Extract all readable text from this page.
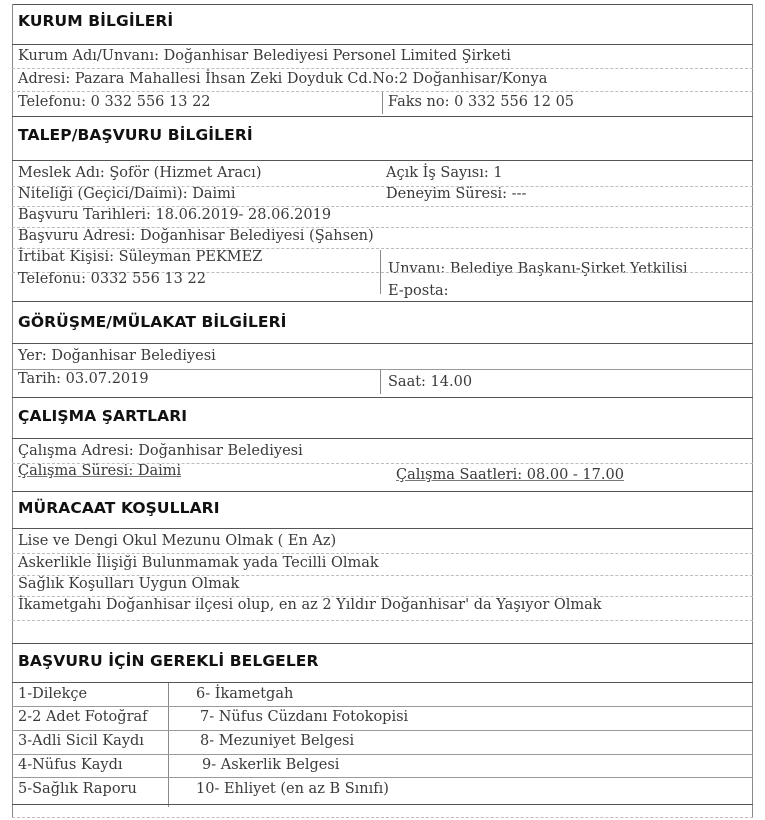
KURUM BİLGİLERİ
Kurum Adı/Unvanı: Doğanhisar Belediyesi Personel Limited Şirketi
Adresi: Pazara Mahallesi İhsan Zeki Doyduk Cd.No:2 Doğanhisar/Konya
Telefonu: 0 332 556 13 22	Faks no: 0 332 556 12 05
TALEP/BAŞVURU BİLGİLERİ
Meslek Adı: Şoför (Hizmet Aracı)	Açık İş Sayısı: 1
Niteliği (Geçici/Daimi): Daimi	Deneyim Süresi: ---
Başvuru Tarihleri: 18.06.2019- 28.06.2019
Başvuru Adresi: Doğanhisar Belediyesi (Şahsen)
İrtibat Kişisi: Süleyman PEKMEZ
Unvanı: Belediye Başkanı-Şirket Yetkilisi
Telefonu: 0332 556 13 22
E-posta:
GÖRÜŞME/MÜLAKAT BİLGİLERİ
Yer: Doğanhisar Belediyesi
Tarih: 03.07.2019	Saat: 14.00
ÇALIŞMA ŞARTLARI
Çalışma Adresi: Doğanhisar Belediyesi
Çalışma Süresi: Daimi	Çalışma Saatleri: 08.00 - 17.00
MÜRACAAT KOŞULLARI
Lise ve Dengi Okul Mezunu Olmak ( En Az)
Askerlikle İlişiği Bulunmamak yada Tecilli Olmak
Sağlık Koşulları Uygun Olmak
İkametgahı Doğanhisar ilçesi olup, en az 2 Yıldır Doğanhisar' da Yaşıyor Olmak
BAŞVURU İÇİN GEREKLİ BELGELER
1-Dilekçe	6- İkametgah
2-2 Adet Fotoğraf	7- Nüfus Cüzdanı Fotokopisi
3-Adli Sicil Kaydı	8- Mezuniyet Belgesi
4-Nüfus Kaydı	9- Askerlik Belgesi
5-Sağlık Raporu	10- Ehliyet (en az B Sınıfı)
